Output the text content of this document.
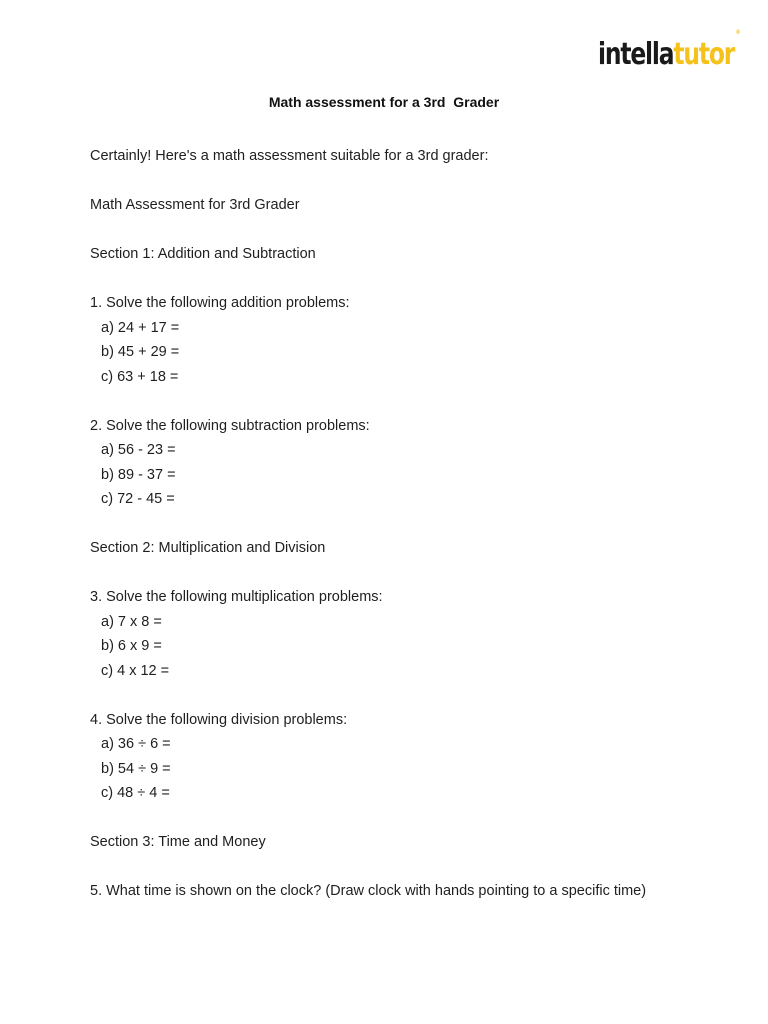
intella tutor
®
Math assessment for a 3rd  Grader

Certainly! Here's a math assessment suitable for a 3rd grader:

Math Assessment for 3rd Grader

Section 1: Addition and Subtraction

1. Solve the following addition problems:

a) 24 + 17 =

b) 45 + 29 =

c) 63 + 18 =

2. Solve the following subtraction problems:

a) 56 - 23 =

b) 89 - 37 =

c) 72 - 45 =

Section 2: Multiplication and Division

3. Solve the following multiplication problems:

a) 7 x 8 =

b) 6 x 9 =

c) 4 x 12 =

4. Solve the following division problems:

a) 36 ÷ 6 =

b) 54 ÷ 9 =

c) 48 ÷ 4 =

Section 3: Time and Money

5. What time is shown on the clock? (Draw clock with hands pointing to a specific time)
